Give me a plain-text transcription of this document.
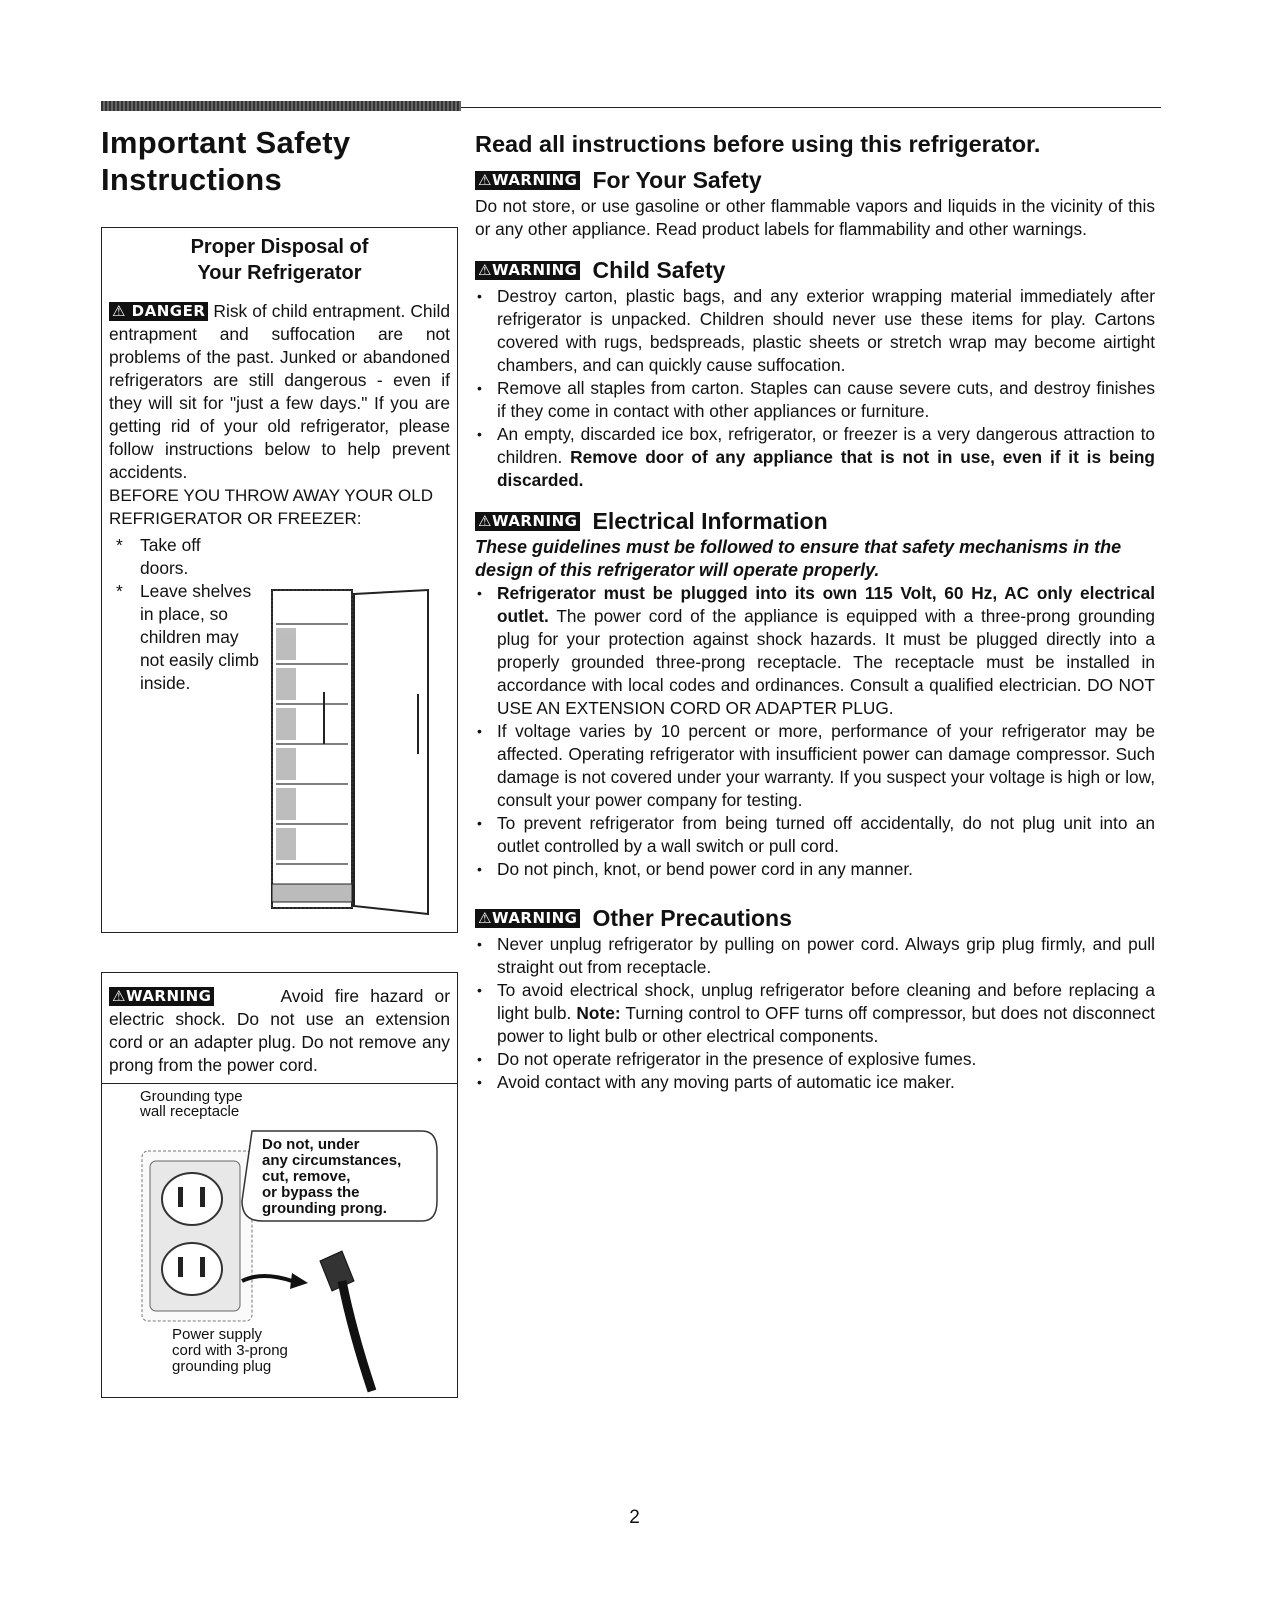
Important Safety
Instructions
Proper Disposal of
Your Refrigerator
⚠ DANGER Risk of child entrapment. Child entrapment and suffocation are not problems of the past. Junked or abandoned refrigerators are still dangerous - even if they will sit for "just a few days." If you are getting rid of your old refrigerator, please follow instructions below to help prevent accidents.
BEFORE YOU THROW AWAY YOUR OLD REFRIGERATOR OR FREEZER:
* Take off doors.
* Leave shelves in place, so children may not easily climb inside.
⚠WARNING	Avoid fire hazard or electric shock. Do not use an extension cord or an adapter plug. Do not remove any prong from the power cord.
Grounding type
wall receptacle
Do not, under
any circumstances,
cut, remove,
or bypass the
grounding prong.
Power supply
cord with 3-prong
grounding plug

Read all instructions before using this refrigerator.

⚠WARNING For Your Safety

Do not store, or use gasoline or other flammable vapors and liquids in the vicinity of this or any other appliance. Read product labels for flammability and other warnings.

⚠WARNING Child Safety
• Destroy carton, plastic bags, and any exterior wrapping material immediately after refrigerator is unpacked. Children should never use these items for play. Cartons covered with rugs, bedspreads, plastic sheets or stretch wrap may become airtight chambers, and can quickly cause suffocation.
• Remove all staples from carton. Staples can cause severe cuts, and destroy finishes if they come in contact with other appliances or furniture.
• An empty, discarded ice box, refrigerator, or freezer is a very dangerous attraction to children. Remove door of any appliance that is not in use, even if it is being discarded.
⚠WARNING Electrical Information

These guidelines must be followed to ensure that safety mechanisms in the design of this refrigerator will operate properly.

• Refrigerator must be plugged into its own 115 Volt, 60 Hz, AC only electrical outlet. The power cord of the appliance is equipped with a three-prong grounding plug for your protection against shock hazards. It must be plugged directly into a properly grounded three-prong receptacle. The receptacle must be installed in accordance with local codes and ordinances. Consult a qualified electrician. DO NOT USE AN EXTENSION CORD OR ADAPTER PLUG.
• If voltage varies by 10 percent or more, performance of your refrigerator may be affected. Operating refrigerator with insufficient power can damage compressor. Such damage is not covered under your warranty. If you suspect your voltage is high or low, consult your power company for testing.
• To prevent refrigerator from being turned off accidentally, do not plug unit into an outlet controlled by a wall switch or pull cord.
• Do not pinch, knot, or bend power cord in any manner.
⚠WARNING Other Precautions
• Never unplug refrigerator by pulling on power cord. Always grip plug firmly, and pull straight out from receptacle.
• To avoid electrical shock, unplug refrigerator before cleaning and before replacing a light bulb. Note: Turning control to OFF turns off compressor, but does not disconnect power to light bulb or other electrical components.
• Do not operate refrigerator in the presence of explosive fumes.
• Avoid contact with any moving parts of automatic ice maker.
2
